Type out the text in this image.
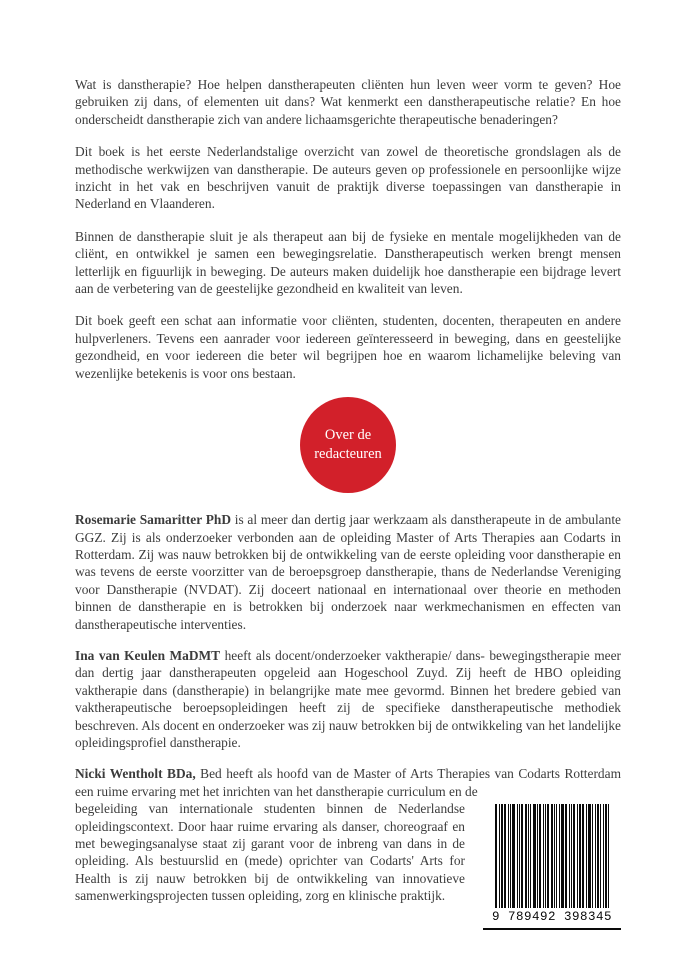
Wat is danstherapie? Hoe helpen danstherapeuten cliënten hun leven weer vorm te geven? Hoe gebruiken zij dans, of elementen uit dans? Wat kenmerkt een danstherapeutische relatie? En hoe onderscheidt danstherapie zich van andere lichaamsgerichte therapeutische benaderingen?

Dit boek is het eerste Nederlandstalige overzicht van zowel de theoretische grondslagen als de methodische werkwijzen van danstherapie. De auteurs geven op professionele en persoonlijke wijze inzicht in het vak en beschrijven vanuit de praktijk diverse toepassingen van danstherapie in Nederland en Vlaanderen.

Binnen de danstherapie sluit je als therapeut aan bij de fysieke en mentale mogelijkheden van de cliënt, en ontwikkel je samen een bewegingsrelatie. Danstherapeutisch werken brengt mensen letterlijk en figuurlijk in beweging. De auteurs maken duidelijk hoe danstherapie een bijdrage levert aan de verbetering van de geestelijke gezondheid en kwaliteit van leven.

Dit boek geeft een schat aan informatie voor cliënten, studenten, docenten, therapeuten en andere hulpverleners. Tevens een aanrader voor iedereen geïnteresseerd in beweging, dans en geestelijke gezondheid, en voor iedereen die beter wil begrijpen hoe en waarom lichamelijke beleving van wezenlijke betekenis is voor ons bestaan.

Over de
redacteuren

Rosemarie Samaritter PhD is al meer dan dertig jaar werkzaam als danstherapeute in de ambulante GGZ. Zij is als onderzoeker verbonden aan de opleiding Master of Arts Therapies aan Codarts in Rotterdam. Zij was nauw betrokken bij de ontwikkeling van de eerste opleiding voor danstherapie en was tevens de eerste voorzitter van de beroepsgroep danstherapie, thans de Nederlandse Vereniging voor Danstherapie (NVDAT). Zij doceert nationaal en internationaal over theorie en methoden binnen de danstherapie en is betrokken bij onderzoek naar werkmechanismen en effecten van danstherapeutische interventies.

Ina van Keulen MaDMT heeft als docent/onderzoeker vaktherapie/ dans- bewegingstherapie meer dan dertig jaar danstherapeuten opgeleid aan Hogeschool Zuyd. Zij heeft de HBO opleiding vaktherapie dans (danstherapie) in belangrijke mate mee gevormd. Binnen het bredere gebied van vaktherapeutische beroepsopleidingen heeft zij de specifieke danstherapeutische methodiek beschreven. Als docent en onderzoeker was zij nauw betrokken bij de ontwikkeling van het landelijke opleidingsprofiel danstherapie.

Nicki Wentholt BDa, Bed heeft als hoofd van de Master of Arts Therapies van Codarts Rotterdam een ruime ervaring met het inrichten van het danstherapie curriculum en de

begeleiding van internationale studenten binnen de Nederlandse opleidingscontext. Door haar ruime ervaring als danser, choreograaf en met bewegingsanalyse staat zij garant voor de inbreng van dans in de opleiding. Als bestuurslid en (mede) oprichter van Codarts' Arts for Health is zij nauw betrokken bij de ontwikkeling van innovatieve samenwerkingsprojecten tussen opleiding, zorg en klinische praktijk.
9 789492 398345
